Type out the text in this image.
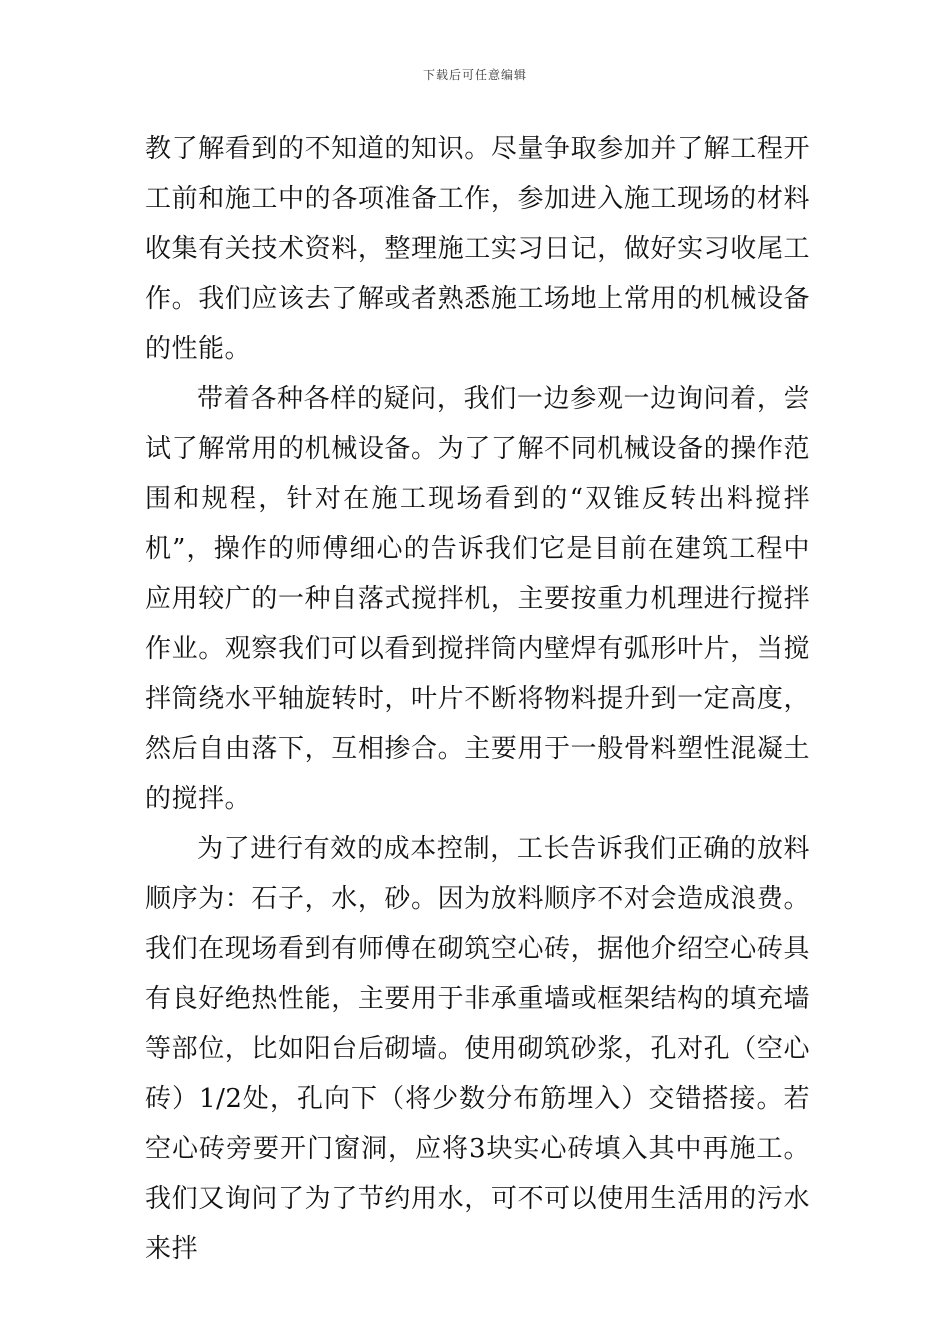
下载后可任意编辑

教了解看到的不知道的知识。尽量争取参加并了解工程开工前和施工中的各项准备工作，参加进入施工现场的材料收集有关技术资料，整理施工实习日记，做好实习收尾工作。我们应该去了解或者熟悉施工场地上常用的机械设备的性能。

带着各种各样的疑问，我们一边参观一边询问着，尝试了解常用的机械设备。为了了解不同机械设备的操作范围和规程，针对在施工现场看到的“双锥反转出料搅拌机”，操作的师傅细心的告诉我们它是目前在建筑工程中应用较广的一种自落式搅拌机，主要按重力机理进行搅拌作业。观察我们可以看到搅拌筒内壁焊有弧形叶片，当搅拌筒绕水平轴旋转时，叶片不断将物料提升到一定高度，然后自由落下，互相掺合。主要用于一般骨料塑性混凝土的搅拌。

为了进行有效的成本控制，工长告诉我们正确的放料顺序为：石子，水，砂。因为放料顺序不对会造成浪费。我们在现场看到有师傅在砌筑空心砖，据他介绍空心砖具有良好绝热性能，主要用于非承重墙或框架结构的填充墙等部位，比如阳台后砌墙。使用砌筑砂浆，孔对孔（空心砖）1/2处，孔向下（将少数分布筋埋入）交错搭接。若空心砖旁要开门窗洞，应将3块实心砖填入其中再施工。我们又询问了为了节约用水，可不可以使用生活用的污水来拌
